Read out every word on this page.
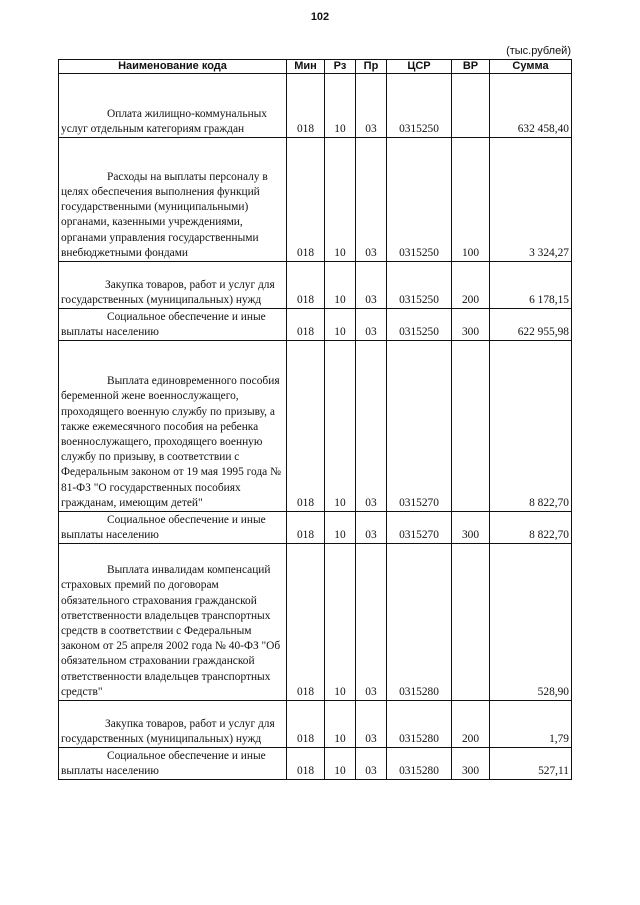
102
(тыс.рублей)
Наименование кода	Мин	Рз	Пр	ЦСР	ВР	Сумма

Оплата жилищно-коммунальных услуг отдельным категориям граждан	018	10	03	0315250		632 458,40

Расходы на выплаты персоналу в целях обеспечения выполнения функций государственными (муниципальными) органами, казенными учреждениями, органами управления государственными внебюджетными фондами	018	10	03	0315250	100	3 324,27

Закупка товаров, работ и услуг для государственных (муниципальных) нужд	018	10	03	0315250	200	6 178,15

Социальное обеспечение и иные выплаты населению	018	10	03	0315250	300	622 955,98

Выплата единовременного пособия беременной жене военнослужащего, проходящего военную службу по призыву, а также ежемесячного пособия на ребенка военнослужащего, проходящего военную службу по призыву, в соответствии с Федеральным законом от 19 мая 1995 года № 81-ФЗ "О государственных пособиях гражданам, имеющим детей"	018	10	03	0315270		8 822,70

Социальное обеспечение и иные выплаты населению	018	10	03	0315270	300	8 822,70

Выплата инвалидам компенсаций страховых премий по договорам обязательного страхования гражданской ответственности владельцев транспортных средств в соответствии с Федеральным законом от 25 апреля 2002 года № 40-ФЗ "Об обязательном страховании гражданской ответственности владельцев транспортных средств"	018	10	03	0315280		528,90

Закупка товаров, работ и услуг для государственных (муниципальных) нужд	018	10	03	0315280	200	1,79

Социальное обеспечение и иные выплаты населению	018	10	03	0315280	300	527,11
